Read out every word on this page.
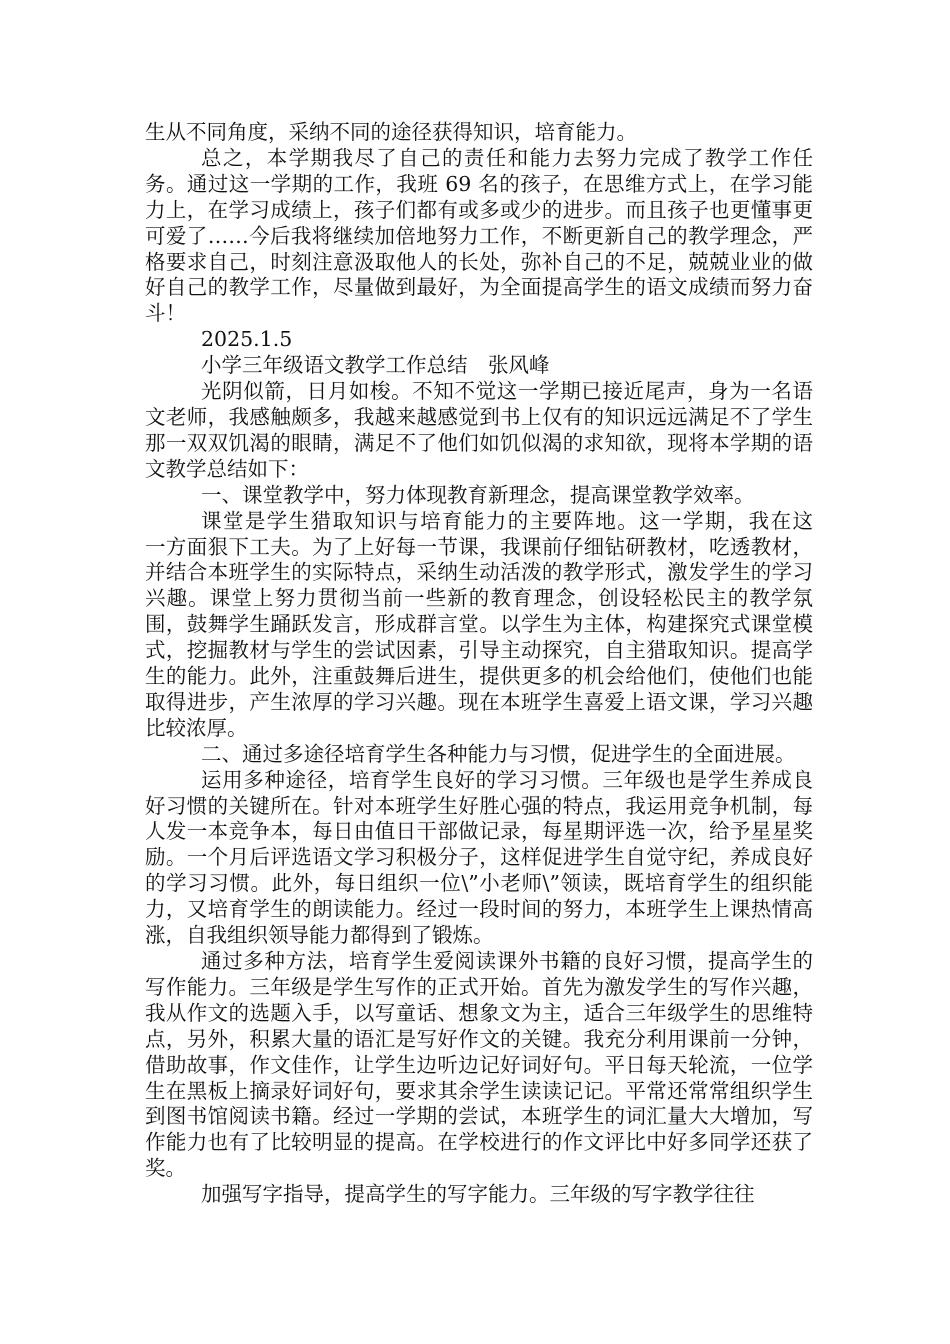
生从不同角度，采纳不同的途径获得知识，培育能力。

总之，本学期我尽了自己的责任和能力去努力完成了教学工作任务。通过这一学期的工作，我班 69 名的孩子，在思维方式上，在学习能力上，在学习成绩上，孩子们都有或多或少的进步。而且孩子也更懂事更可爱了……今后我将继续加倍地努力工作，不断更新自己的教学理念，严格要求自己，时刻注意汲取他人的长处，弥补自己的不足，兢兢业业的做好自己的教学工作，尽量做到最好，为全面提高学生的语文成绩而努力奋斗！

2025.1.5

小学三年级语文教学工作总结　张风峰

光阴似箭，日月如梭。不知不觉这一学期已接近尾声，身为一名语文老师，我感触颇多，我越来越感觉到书上仅有的知识远远满足不了学生那一双双饥渴的眼睛，满足不了他们如饥似渴的求知欲，现将本学期的语文教学总结如下：

一、课堂教学中，努力体现教育新理念，提高课堂教学效率。

课堂是学生猎取知识与培育能力的主要阵地。这一学期，我在这　一方面狠下工夫。为了上好每一节课，我课前仔细钻研教材，吃透教材，并结合本班学生的实际特点，采纳生动活泼的教学形式，激发学生的学习兴趣。课堂上努力贯彻当前一些新的教育理念，创设轻松民主的教学氛围，鼓舞学生踊跃发言，形成群言堂。以学生为主体，构建探究式课堂模式，挖掘教材与学生的尝试因素，引导主动探究，自主猎取知识。提高学生的能力。此外，注重鼓舞后进生，提供更多的机会给他们，使他们也能取得进步，产生浓厚的学习兴趣。现在本班学生喜爱上语文课，学习兴趣比较浓厚。

二、通过多途径培育学生各种能力与习惯，促进学生的全面进展。

运用多种途径，培育学生良好的学习习惯。三年级也是学生养成良好习惯的关键所在。针对本班学生好胜心强的特点，我运用竞争机制，每人发一本竞争本，每日由值日干部做记录，每星期评选一次，给予星星奖励。一个月后评选语文学习积极分子，这样促进学生自觉守纪，养成良好的学习习惯。此外，每日组织一位\”小老师\”领读，既培育学生的组织能力，又培育学生的朗读能力。经过一段时间的努力，本班学生上课热情高涨，自我组织领导能力都得到了锻炼。

通过多种方法，培育学生爱阅读课外书籍的良好习惯，提高学生的写作能力。三年级是学生写作的正式开始。首先为激发学生的写作兴趣，我从作文的选题入手，以写童话、想象文为主，适合三年级学生的思维特点，另外，积累大量的语汇是写好作文的关键。我充分利用课前一分钟，借助故事，作文佳作，让学生边听边记好词好句。平日每天轮流，一位学生在黑板上摘录好词好句，要求其余学生读读记记。平常还常常组织学生到图书馆阅读书籍。经过一学期的尝试，本班学生的词汇量大大增加，写作能力也有了比较明显的提高。在学校进行的作文评比中好多同学还获了奖。

加强写字指导，提高学生的写字能力。三年级的写字教学往往
